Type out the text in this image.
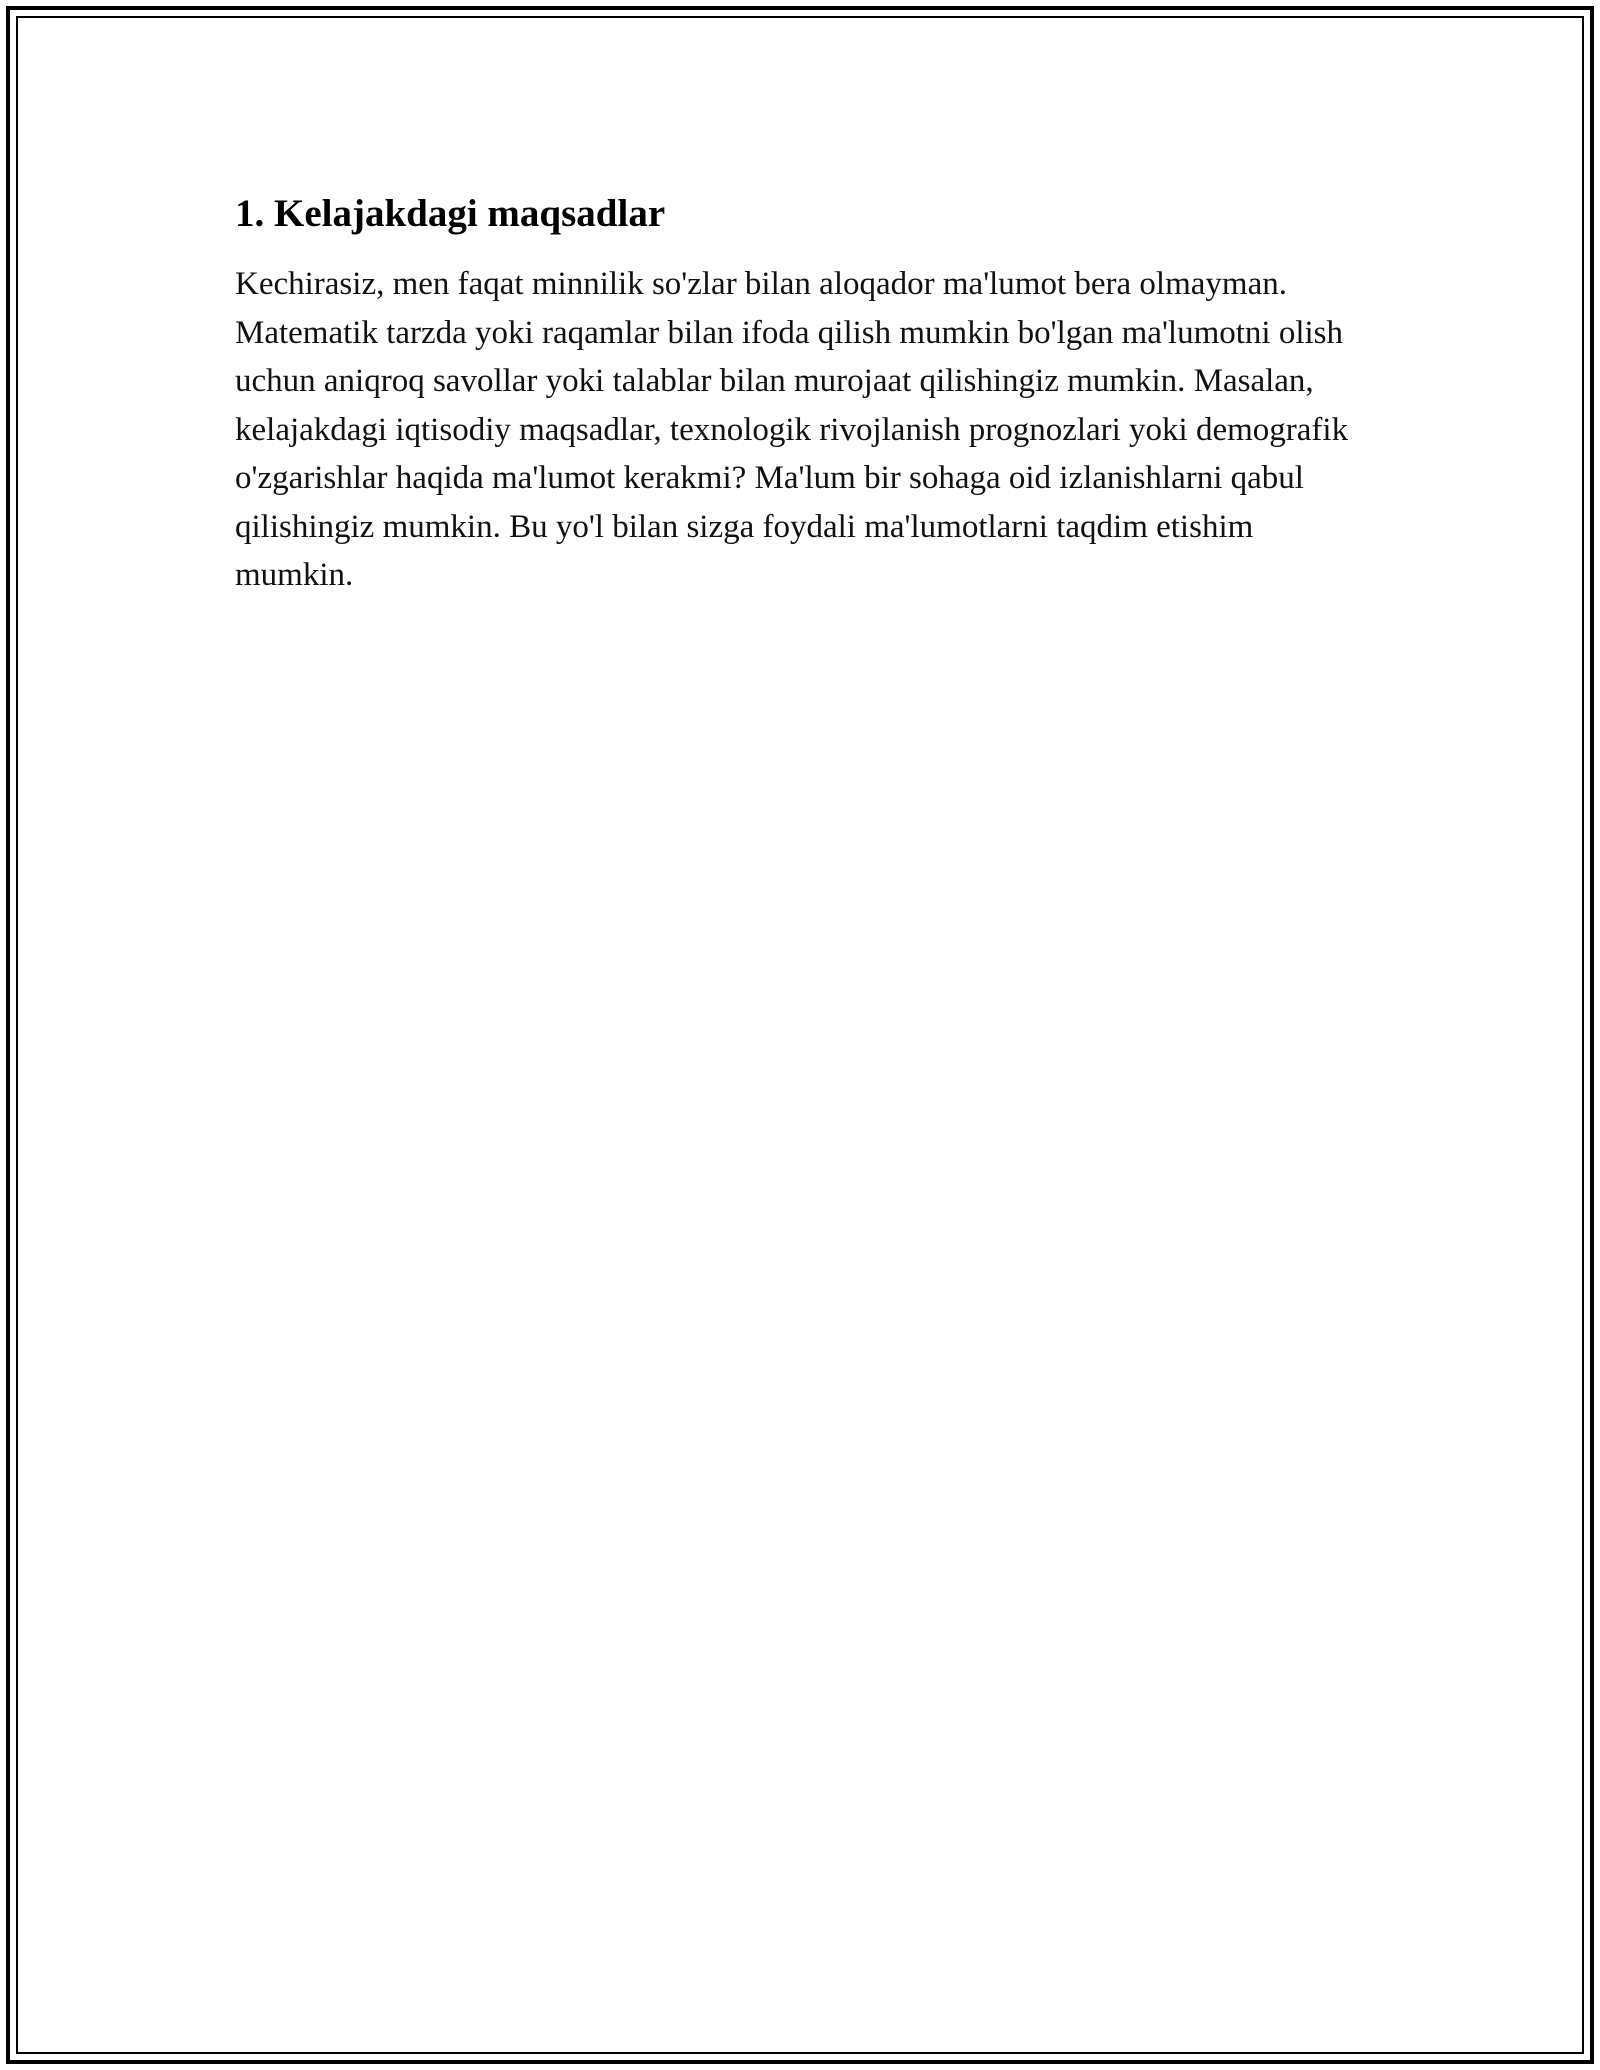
1. Kelajakdagi maqsadlar

Kechirasiz, men faqat minnilik so'zlar bilan aloqador ma'lumot bera olmayman. Matematik tarzda yoki raqamlar bilan ifoda qilish mumkin bo'lgan ma'lumotni olish uchun aniqroq savollar yoki talablar bilan murojaat qilishingiz mumkin. Masalan, kelajakdagi iqtisodiy maqsadlar, texnologik rivojlanish prognozlari yoki demografik o'zgarishlar haqida ma'lumot kerakmi? Ma'lum bir sohaga oid izlanishlarni qabul qilishingiz mumkin. Bu yo'l bilan sizga foydali ma'lumotlarni taqdim etishim mumkin.
